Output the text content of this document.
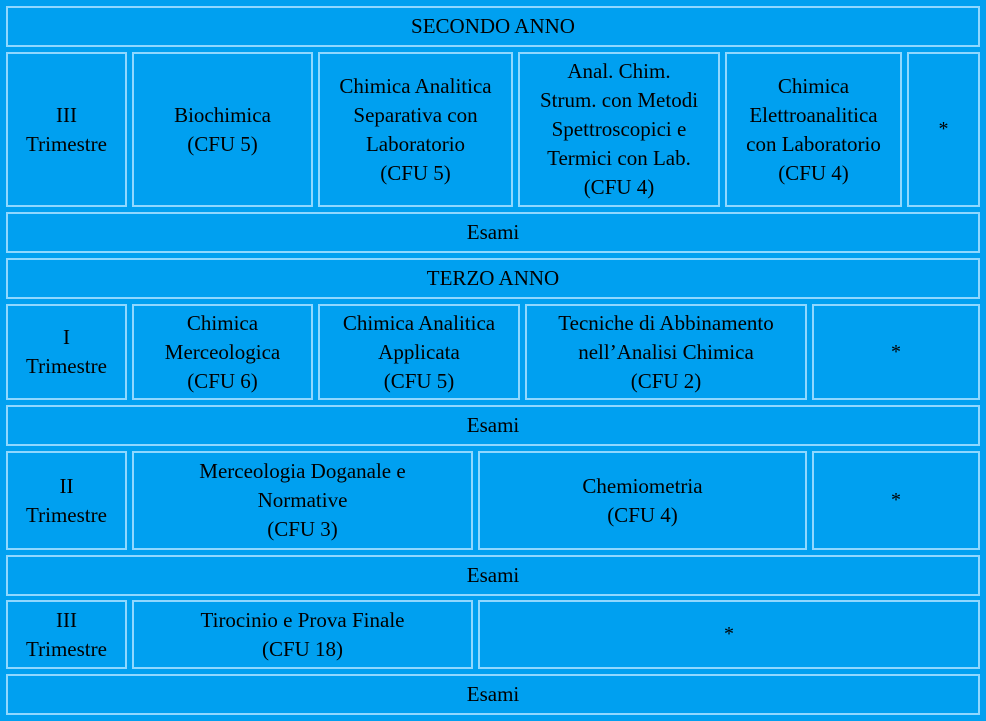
SECONDO ANNO
III
Trimestre
Biochimica
(CFU 5)
Chimica Analitica
Separativa con
Laboratorio
(CFU 5)
Anal. Chim.
Strum. con Metodi
Spettroscopici e
Termici con Lab.
(CFU 4)
Chimica
Elettroanalitica
con Laboratorio
(CFU 4)
*
Esami
TERZO ANNO
I
Trimestre
Chimica
Merceologica
(CFU 6)
Chimica Analitica
Applicata
(CFU 5)
Tecniche di Abbinamento
nell’Analisi Chimica
(CFU 2)
*
Esami
II
Trimestre
Merceologia Doganale e
Normative
(CFU 3)
Chemiometria
(CFU 4)
*
Esami
III
Trimestre
Tirocinio e Prova Finale
(CFU 18)
*
Esami
